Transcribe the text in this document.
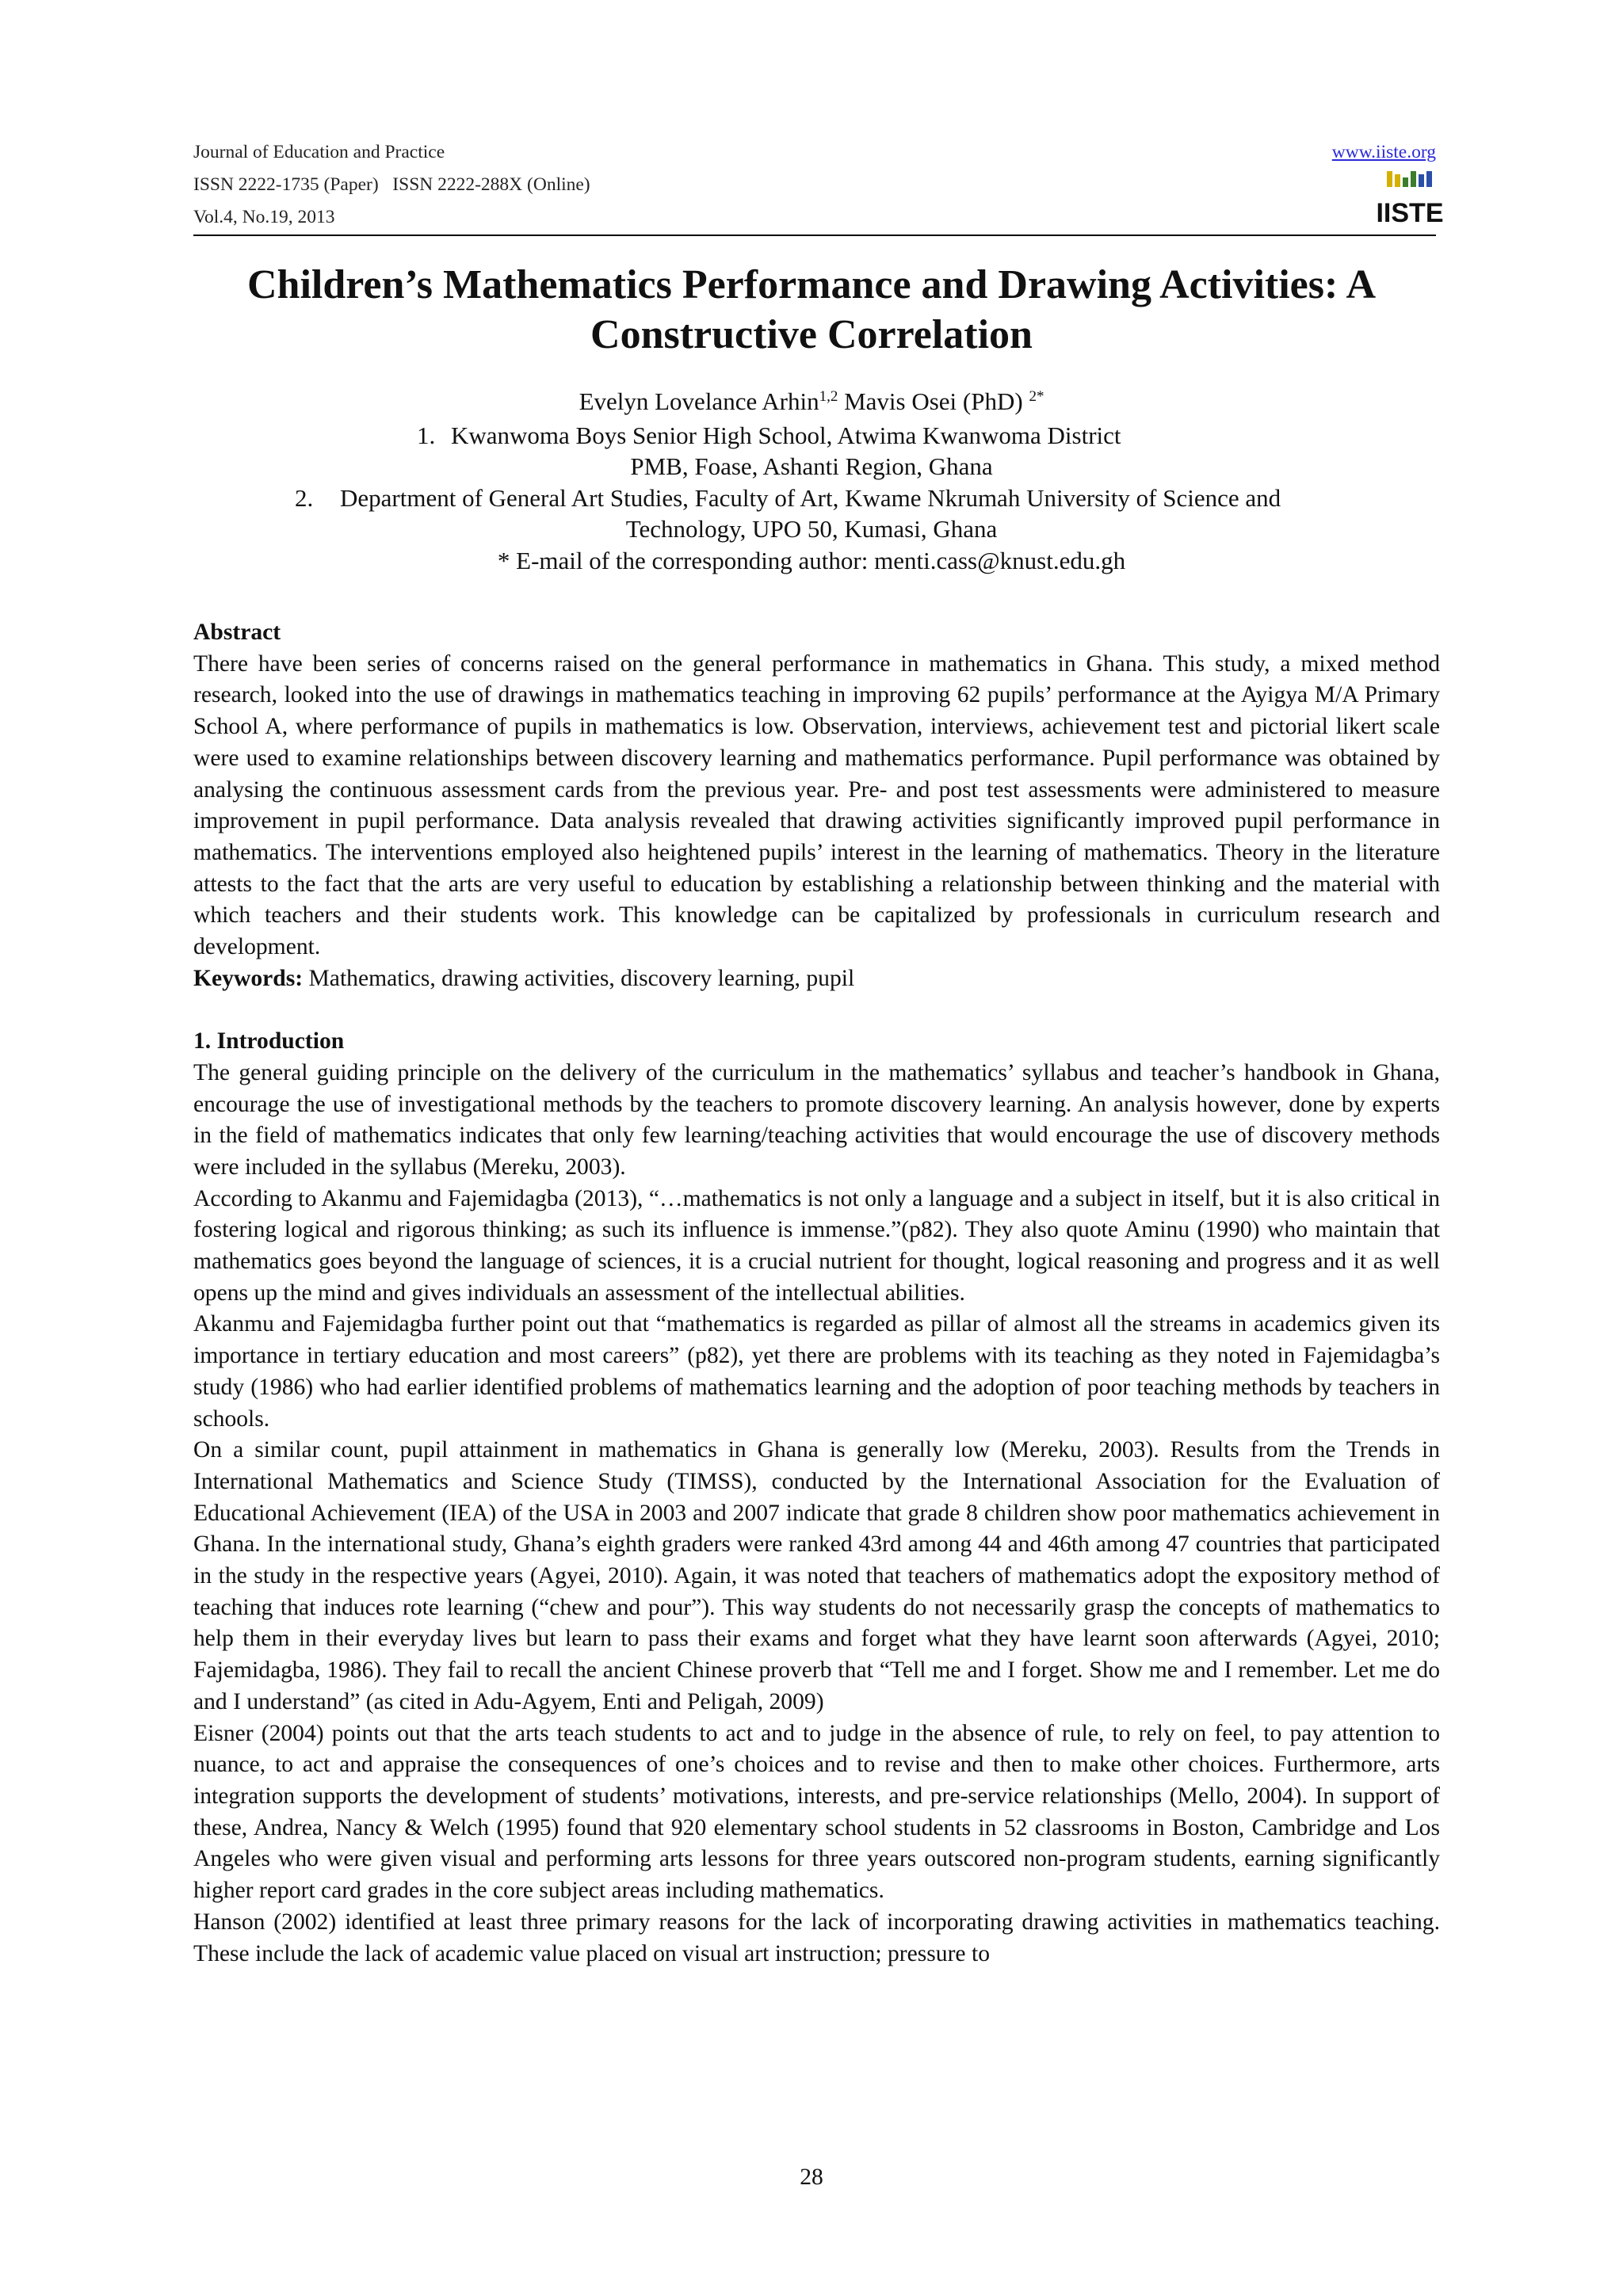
Journal of Education and Practice
ISSN 2222-1735 (Paper)   ISSN 2222-288X (Online)
Vol.4, No.19, 2013
www.iiste.org
IISTE
Children’s Mathematics Performance and Drawing Activities: A
Constructive Correlation
Evelyn Lovelance Arhin$^{1,2}$ Mavis Osei (PhD) $^{2*}$
1. Kwanwoma Boys Senior High School, Atwima Kwanwoma District
PMB, Foase, Ashanti Region, Ghana
2. Department of General Art Studies, Faculty of Art, Kwame Nkrumah University of Science and
Technology, UPO 50, Kumasi, Ghana
* E-mail of the corresponding author: menti.cass@knust.edu.gh
Abstract

There have been series of concerns raised on the general performance in mathematics in Ghana. This study, a mixed method research, looked into the use of drawings in mathematics teaching in improving 62 pupils’ performance at the Ayigya M/A Primary School A, where performance of pupils in mathematics is low. Observation, interviews, achievement test and pictorial likert scale were used to examine relationships between discovery learning and mathematics performance. Pupil performance was obtained by analysing the continuous assessment cards from the previous year. Pre- and post test assessments were administered to measure improvement in pupil performance. Data analysis revealed that drawing activities significantly improved pupil performance in mathematics. The interventions employed also heightened pupils’ interest in the learning of mathematics. Theory in the literature attests to the fact that the arts are very useful to education by establishing a relationship between thinking and the material with which teachers and their students work. This knowledge can be capitalized by professionals in curriculum research and development.

Keywords: Mathematics, drawing activities, discovery learning, pupil

1. Introduction

The general guiding principle on the delivery of the curriculum in the mathematics’ syllabus and teacher’s handbook in Ghana, encourage the use of investigational methods by the teachers to promote discovery learning. An analysis however, done by experts in the field of mathematics indicates that only few learning/teaching activities that would encourage the use of discovery methods were included in the syllabus (Mereku, 2003).

According to Akanmu and Fajemidagba (2013), “…mathematics is not only a language and a subject in itself, but it is also critical in fostering logical and rigorous thinking; as such its influence is immense.”(p82). They also quote Aminu (1990) who maintain that mathematics goes beyond the language of sciences, it is a crucial nutrient for thought, logical reasoning and progress and it as well opens up the mind and gives individuals an assessment of the intellectual abilities.

Akanmu and Fajemidagba further point out that “mathematics is regarded as pillar of almost all the streams in academics given its importance in tertiary education and most careers” (p82), yet there are problems with its teaching as they noted in Fajemidagba’s study (1986) who had earlier identified problems of mathematics learning and the adoption of poor teaching methods by teachers in schools.

On a similar count, pupil attainment in mathematics in Ghana is generally low (Mereku, 2003). Results from the Trends in International Mathematics and Science Study (TIMSS), conducted by the International Association for the Evaluation of Educational Achievement (IEA) of the USA in 2003 and 2007 indicate that grade 8 children show poor mathematics achievement in Ghana. In the international study, Ghana’s eighth graders were ranked 43rd among 44 and 46th among 47 countries that participated in the study in the respective years (Agyei, 2010). Again, it was noted that teachers of mathematics adopt the expository method of teaching that induces rote learning (“chew and pour”). This way students do not necessarily grasp the concepts of mathematics to help them in their everyday lives but learn to pass their exams and forget what they have learnt soon afterwards (Agyei, 2010; Fajemidagba, 1986). They fail to recall the ancient Chinese proverb that “Tell me and I forget. Show me and I remember. Let me do and I understand” (as cited in Adu-Agyem, Enti and Peligah, 2009)

Eisner (2004) points out that the arts teach students to act and to judge in the absence of rule, to rely on feel, to pay attention to nuance, to act and appraise the consequences of one’s choices and to revise and then to make other choices. Furthermore, arts integration supports the development of students’ motivations, interests, and pre-service relationships (Mello, 2004). In support of these, Andrea, Nancy & Welch (1995) found that 920 elementary school students in 52 classrooms in Boston, Cambridge and Los Angeles who were given visual and performing arts lessons for three years outscored non-program students, earning significantly higher report card grades in the core subject areas including mathematics.

Hanson (2002) identified at least three primary reasons for the lack of incorporating drawing activities in mathematics teaching. These include the lack of academic value placed on visual art instruction; pressure to

28
